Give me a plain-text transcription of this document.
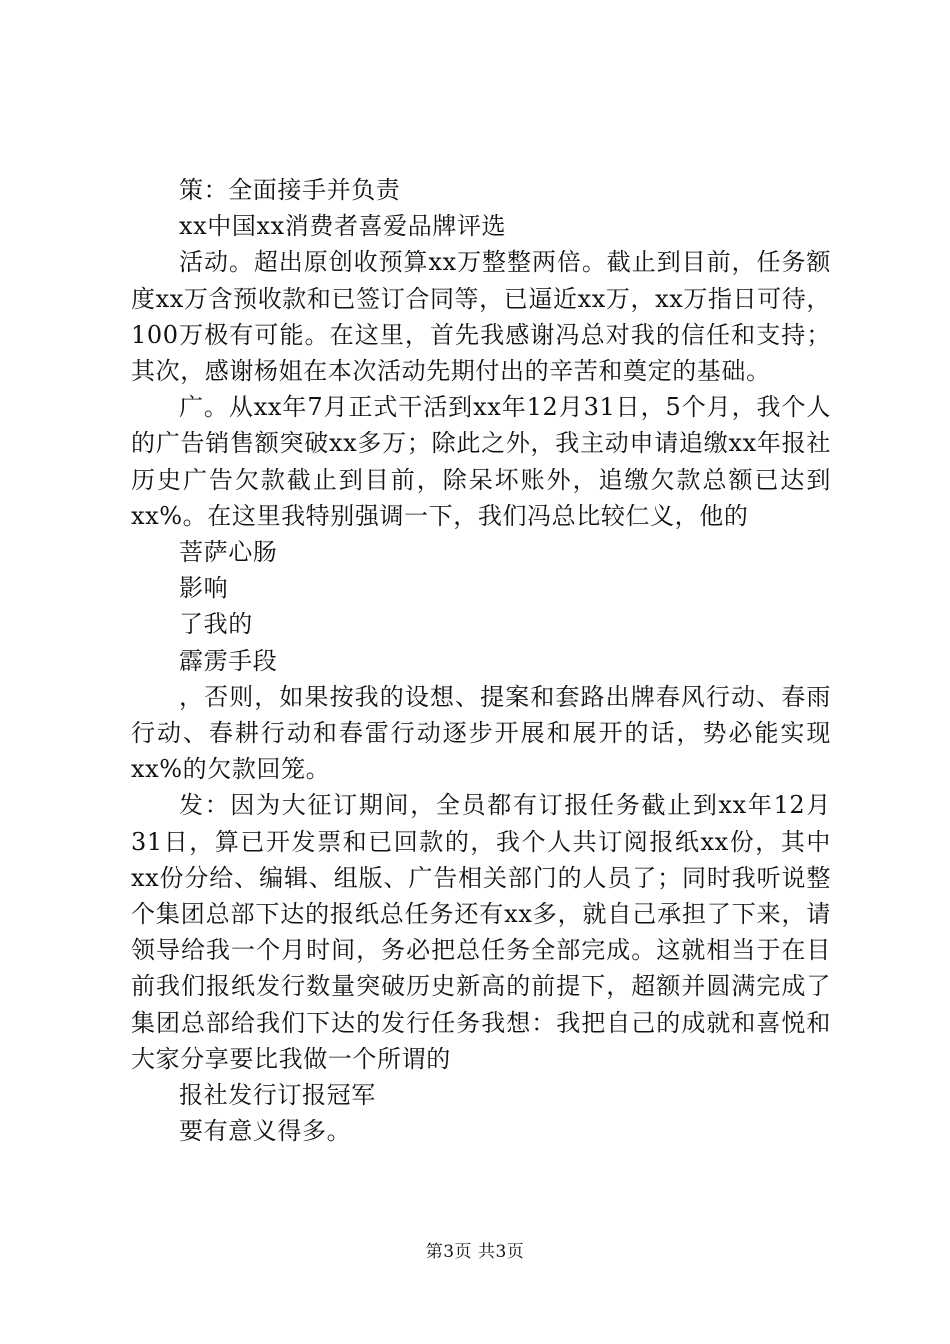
策：全面接手并负责
xx中国xx消费者喜爱品牌评选
活动。超出原创收预算xx万整整两倍。截止到目前，任务额度xx万含预收款和已签订合同等，已逼近xx万，xx万指日可待，100万极有可能。在这里，首先我感谢冯总对我的信任和支持；其次，感谢杨姐在本次活动先期付出的辛苦和奠定的基础。
广。从xx年7月正式干活到xx年12月31日，5个月，我个人的广告销售额突破xx多万；除此之外，我主动申请追缴xx年报社历史广告欠款截止到目前，除呆坏账外，追缴欠款总额已达到xx%。在这里我特别强调一下，我们冯总比较仁义，他的
菩萨心肠
影响
了我的
霹雳手段
，否则，如果按我的设想、提案和套路出牌春风行动、春雨行动、春耕行动和春雷行动逐步开展和展开的话，势必能实现xx%的欠款回笼。
发：因为大征订期间，全员都有订报任务截止到xx年12月31日，算已开发票和已回款的，我个人共订阅报纸xx份，其中xx份分给、编辑、组版、广告相关部门的人员了；同时我听说整个集团总部下达的报纸总任务还有xx多，就自己承担了下来，请领导给我一个月时间，务必把总任务全部完成。这就相当于在目前我们报纸发行数量突破历史新高的前提下，超额并圆满完成了集团总部给我们下达的发行任务我想：我把自己的成就和喜悦和大家分享要比我做一个所谓的
报社发行订报冠军
要有意义得多。
第3页 共3页
